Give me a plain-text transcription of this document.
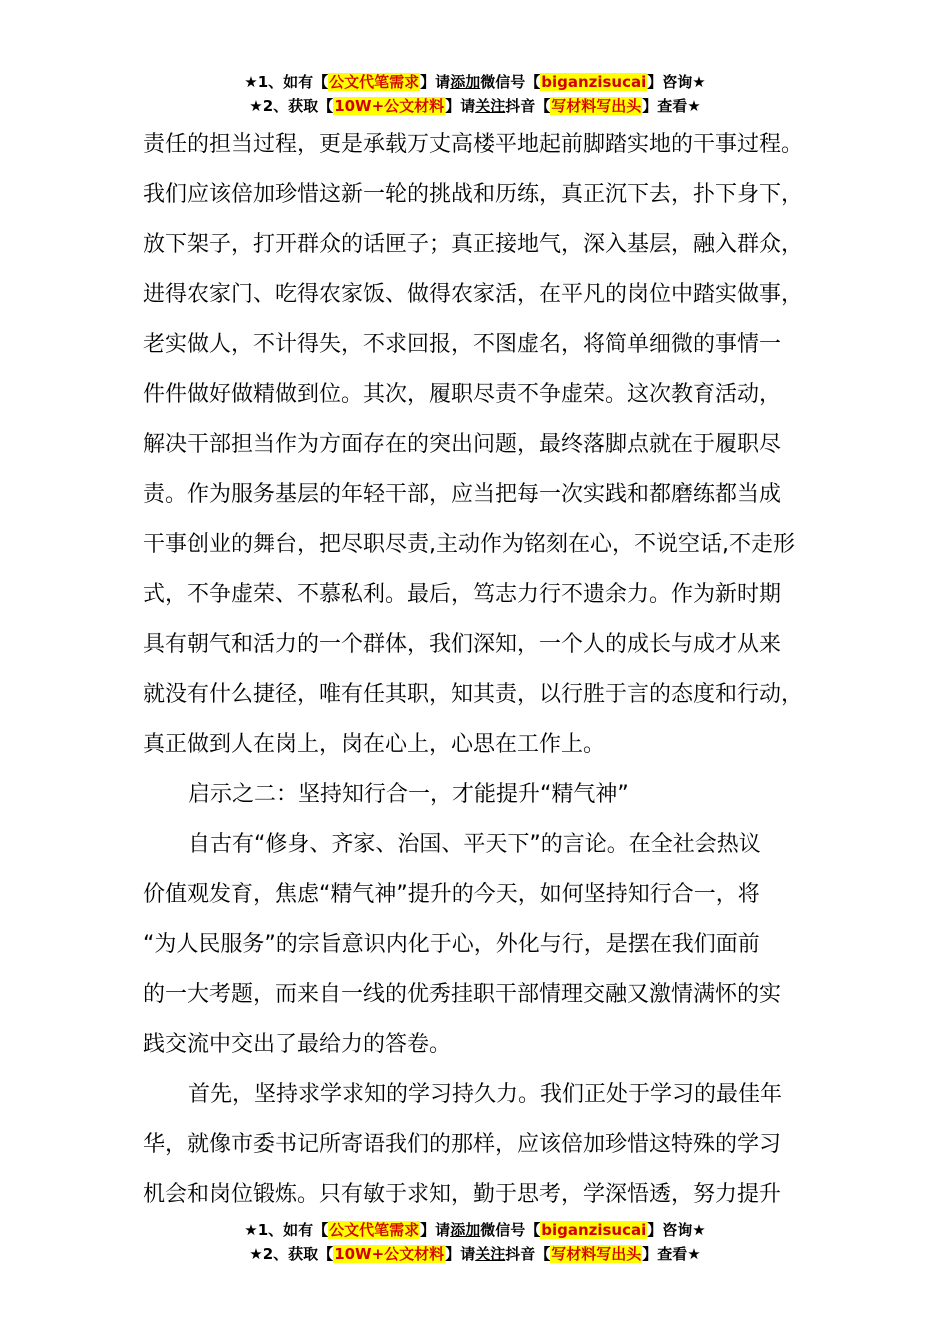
★1、如有【公文代笔需求】请添加微信号【biganzisucai】咨询★
★2、获取【10W+公文材料】请关注抖音【写材料写出头】查看★
责任的担当过程，更是承载万丈高楼平地起前脚踏实地的干事过程。
我们应该倍加珍惜这新一轮的挑战和历练，真正沉下去，扑下身下，
放下架子，打开群众的话匣子；真正接地气，深入基层，融入群众，
进得农家门、吃得农家饭、做得农家活，在平凡的岗位中踏实做事，
老实做人，不计得失，不求回报，不图虚名，将简单细微的事情一
件件做好做精做到位。其次，履职尽责不争虚荣。这次教育活动，
解决干部担当作为方面存在的突出问题，最终落脚点就在于履职尽
责。作为服务基层的年轻干部，应当把每一次实践和都磨练都当成
干事创业的舞台，把尽职尽责,主动作为铭刻在心，不说空话,不走形
式，不争虚荣、不慕私利。最后，笃志力行不遗余力。作为新时期
具有朝气和活力的一个群体，我们深知，一个人的成长与成才从来
就没有什么捷径，唯有任其职，知其责，以行胜于言的态度和行动，
真正做到人在岗上，岗在心上，心思在工作上。
启示之二：坚持知行合一，才能提升“精气神”
自古有“修身、齐家、治国、平天下”的言论。在全社会热议
价值观发育，焦虑“精气神”提升的今天，如何坚持知行合一，将
“为人民服务”的宗旨意识内化于心，外化与行，是摆在我们面前
的一大考题，而来自一线的优秀挂职干部情理交融又激情满怀的实
践交流中交出了最给力的答卷。
首先，坚持求学求知的学习持久力。我们正处于学习的最佳年
华，就像市委书记所寄语我们的那样，应该倍加珍惜这特殊的学习
机会和岗位锻炼。只有敏于求知，勤于思考，学深悟透，努力提升
★1、如有【公文代笔需求】请添加微信号【biganzisucai】咨询★
★2、获取【10W+公文材料】请关注抖音【写材料写出头】查看★
